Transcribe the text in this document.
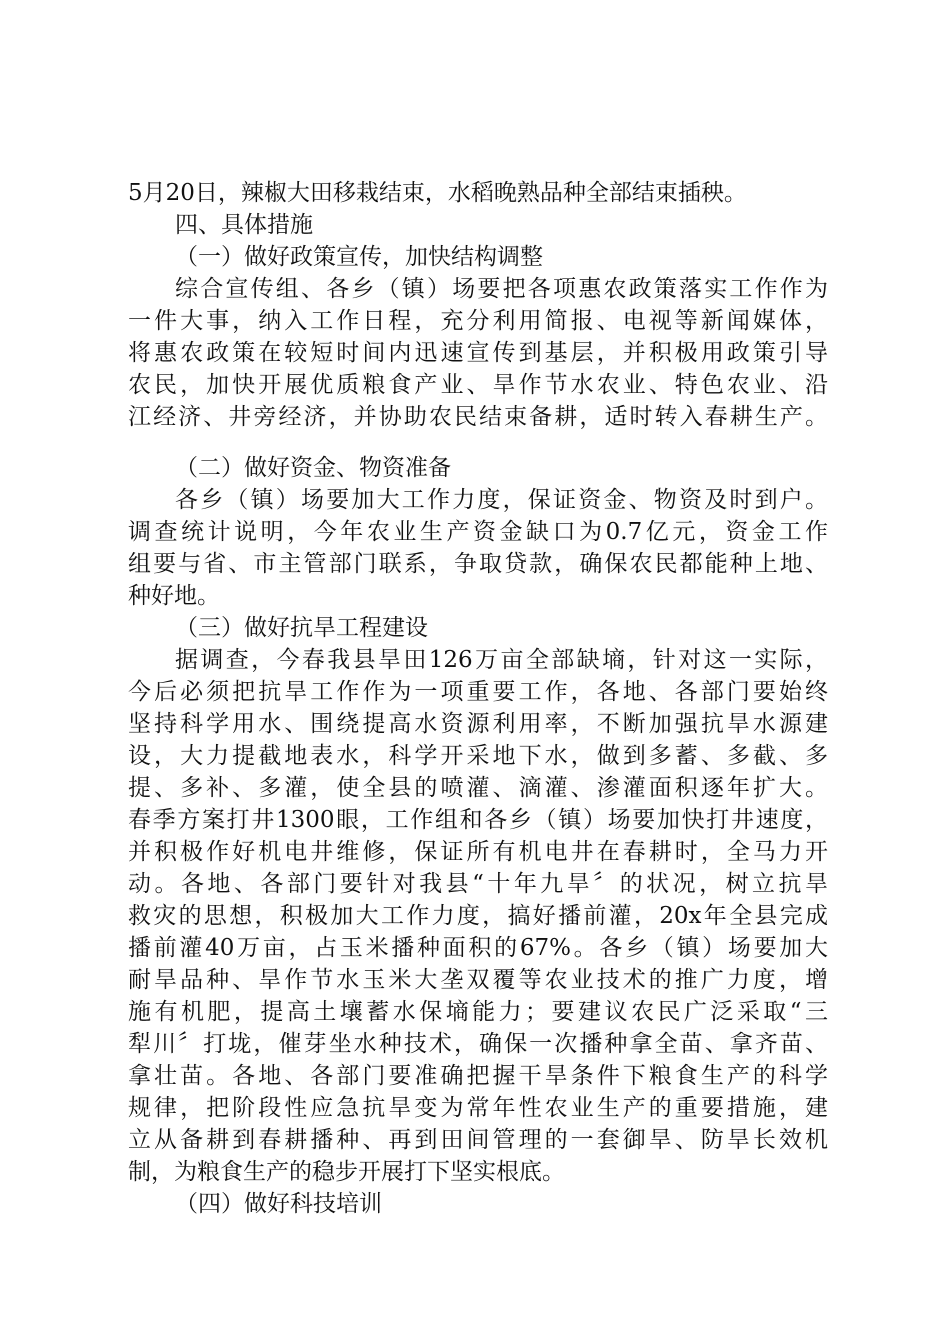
5月20日，辣椒大田移栽结束，水稻晚熟品种全部结束插秧。
四、具体措施
（一）做好政策宣传，加快结构调整
综合宣传组、各乡（镇）场要把各项惠农政策落实工作作为
一件大事，纳入工作日程，充分利用简报、电视等新闻媒体，
将惠农政策在较短时间内迅速宣传到基层，并积极用政策引导
农民，加快开展优质粮食产业、旱作节水农业、特色农业、沿
江经济、井旁经济，并协助农民结束备耕，适时转入春耕生产。
（二）做好资金、物资准备
各乡（镇）场要加大工作力度，保证资金、物资及时到户。
调查统计说明，今年农业生产资金缺口为0.7亿元，资金工作
组要与省、市主管部门联系，争取贷款，确保农民都能种上地、
种好地。
（三）做好抗旱工程建设
据调查，今春我县旱田126万亩全部缺墒，针对这一实际，
今后必须把抗旱工作作为一项重要工作，各地、各部门要始终
坚持科学用水、围绕提高水资源利用率，不断加强抗旱水源建
设，大力提截地表水，科学开采地下水，做到多蓄、多截、多
提、多补、多灌，使全县的喷灌、滴灌、渗灌面积逐年扩大。
春季方案打井1300眼，工作组和各乡（镇）场要加快打井速度，
并积极作好机电井维修，保证所有机电井在春耕时，全马力开
动。各地、各部门要针对我县“十年九旱〞的状况，树立抗旱
救灾的思想，积极加大工作力度，搞好播前灌，20x年全县完成
播前灌40万亩，占玉米播种面积的67%。各乡（镇）场要加大
耐旱品种、旱作节水玉米大垄双覆等农业技术的推广力度，增
施有机肥，提高土壤蓄水保墒能力；要建议农民广泛采取“三
犁川〞打垅，催芽坐水种技术，确保一次播种拿全苗、拿齐苗、
拿壮苗。各地、各部门要准确把握干旱条件下粮食生产的科学
规律，把阶段性应急抗旱变为常年性农业生产的重要措施，建
立从备耕到春耕播种、再到田间管理的一套御旱、防旱长效机
制，为粮食生产的稳步开展打下坚实根底。
（四）做好科技培训
